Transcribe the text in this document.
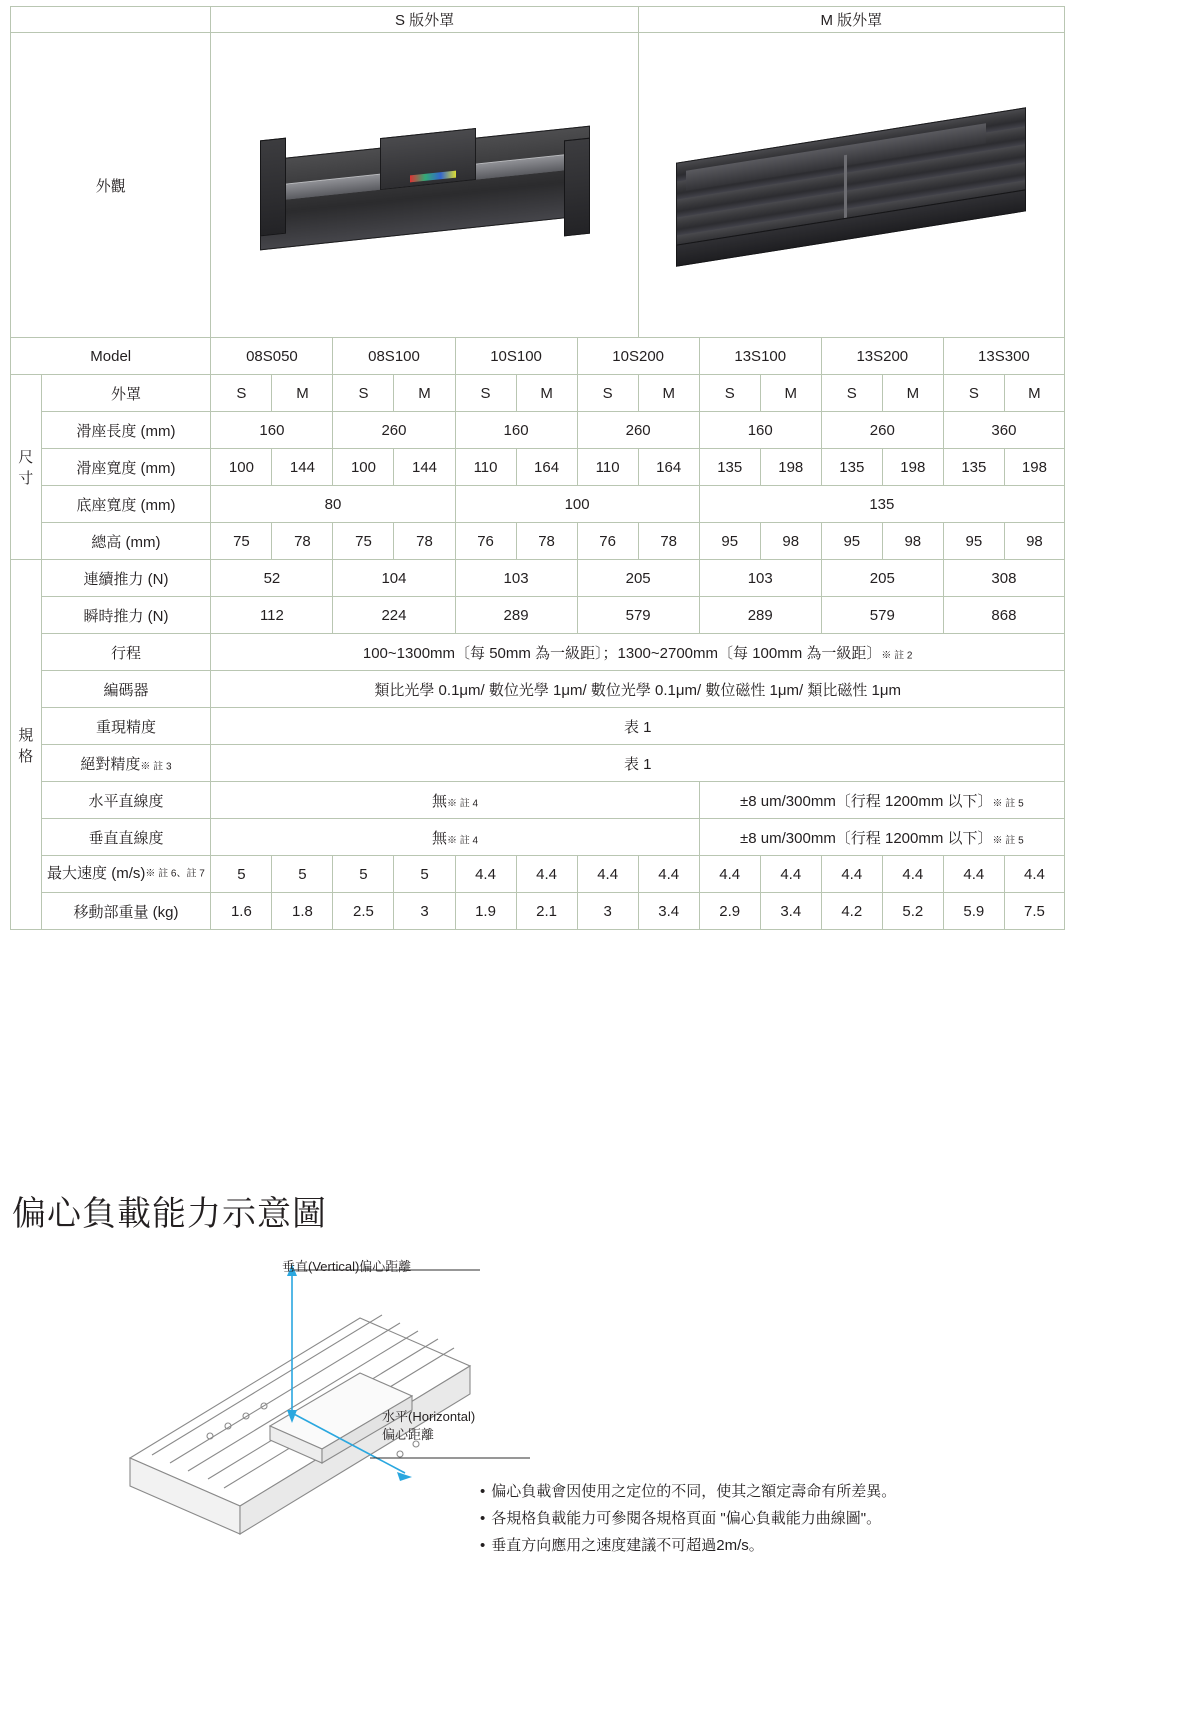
		S 版外罩							M 版外罩						
外觀														

Model		08S050		08S100		10S100		10S200		13S100		13S200		13S300	
尺寸	外罩	S	M	S	M	S	M	S	M	S	M	S	M	S	M
	滑座長度 (mm)	160		260		160		260		160		260		360	
	滑座寬度 (mm)	100	144	100	144	110	164	110	164	135	198	135	198	135	198
	底座寬度 (mm)	80				100				135					
	總高 (mm)	75	78	75	78	76	78	76	78	95	98	95	98	95	98
規格	連續推力 (N)	52		104		103		205		103		205		308	
	瞬時推力 (N)	112		224		289		579		289		579		868	
	行程	100~1300mm〔每 50mm 為一級距〕；1300~2700mm〔每 100mm 為一級距〕※ 註 2													
	編碼器	類比光學 0.1μm/ 數位光學 1μm/ 數位光學 0.1μm/ 數位磁性 1μm/ 類比磁性 1μm													
	重現精度	表 1													
	絕對精度※ 註 3	表 1													
	水平直線度	無※ 註 4								±8 um/300mm〔行程 1200mm 以下〕※ 註 5					
	垂直直線度	無※ 註 4								±8 um/300mm〔行程 1200mm 以下〕※ 註 5					
	最大速度 (m/s)※ 註 6、註 7	5	5	5	5	4.4	4.4	4.4	4.4	4.4	4.4	4.4	4.4	4.4	4.4
	移動部重量 (kg)	1.6	1.8	2.5	3	1.9	2.1	3	3.4	2.9	3.4	4.2	5.2	5.9	7.5
偏心負載能力示意圖
垂直(Vertical)偏心距離
水平(Horizontal)
偏心距離
• 偏心負載會因使用之定位的不同，使其之額定壽命有所差異。
• 各規格負載能力可參閱各規格頁面 "偏心負載能力曲線圖"。
• 垂直方向應用之速度建議不可超過2m/s。
